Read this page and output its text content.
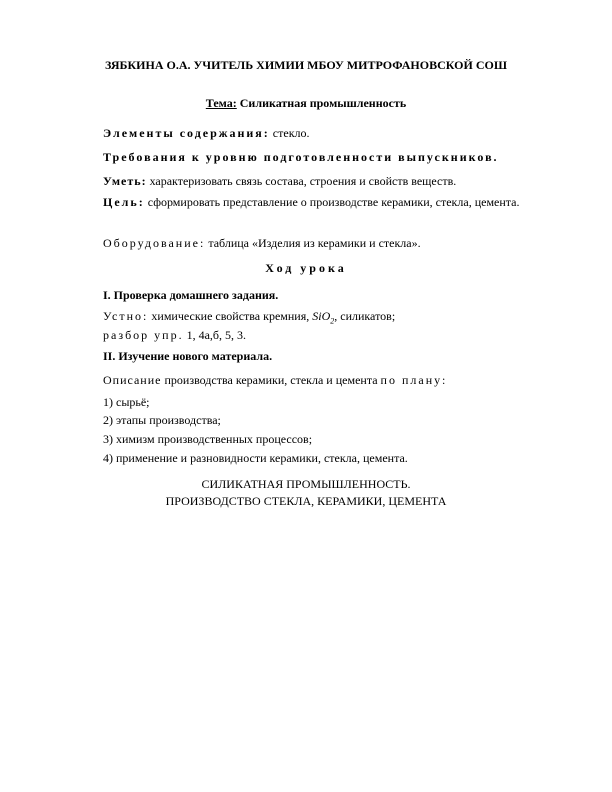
ЗЯБКИНА О.А. УЧИТЕЛЬ ХИМИИ МБОУ МИТРОФАНОВСКОЙ СОШ
Тема: Силикатная промышленность
Элементы содержания: стекло.
Требования к уровню подготовленности выпускников.
Уметь: характеризовать связь состава, строения и свойств веществ.
Цель: сформировать представление о производстве керамики, стекла, цемента.
Оборудование: таблица «Изделия из керамики и стекла».
Ход урока
I. Проверка домашнего задания.
Устно: химические свойства кремния, SiO$_2$, силикатов;
разбор упр. 1, 4а,б, 5, 3.
II. Изучение нового материала.
Описание производства керамики, стекла и цемента по плану:
1) сырьё;
2) этапы производства;
3) химизм производственных процессов;
4) применение и разновидности керамики, стекла, цемента.
СИЛИКАТНАЯ ПРОМЫШЛЕННОСТЬ.
ПРОИЗВОДСТВО СТЕКЛА, КЕРАМИКИ, ЦЕМЕНТА
